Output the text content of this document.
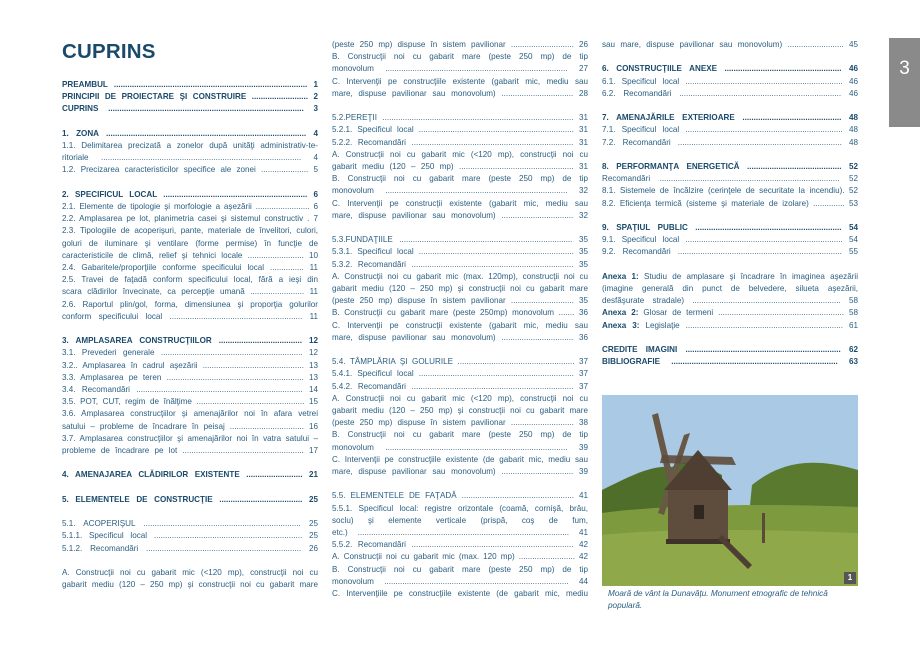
CUPRINS
PREAMBUL ...................................................................................... 1
PRINCIPII DE PROIECTARE ŞI CONSTRUIRE ......................... 2
CUPRINS ....................................................................................... 3
1. ZONA ......................................................................................... 4
1.1. Delimitarea precizată a zonelor după unităţi administrativ-te-
ritoriale ......................................................................................... 4
1.2. Precizarea caracteristicilor specifice ale zonei ..................... 5
2. SPECIFICUL LOCAL ................................................................ 6
2.1. Elemente de tipologie şi morfologie a aşezării ........................ 6
2.2. Amplasarea pe lot, planimetria casei şi sistemul constructiv . 7
2.3. Tipologiile de acoperişuri, pante, materiale de învelitori, culori,
goluri de iluminare şi ventilare (forme permise) în funcţie de
caracteristicile de climă, relief şi tehnici locale ......................... 10
2.4. Gabaritele/proporţiile conforme specificului local ............... 11
2.5. Travei de faţadă conform specificului local, fără a ieşi din
scara clădirilor învecinate, ca percepţie umană ........................ 11
2.6. Raportul plin/gol, forma, dimensiunea şi proporţia golurilor
conform specificului local ........................................................... 11
3. AMPLASAREA CONSTRUCŢIILOR ..................................... 12
3.1. Prevederi generale ............................................................... 12
3.2.. Amplasarea în cadrul aşezării ............................................. 13
3.3. Amplasarea pe teren ............................................................. 13
3.4. Recomandări .......................................................................... 14
3.5. POT, CUT, regim de înălţime ................................................ 15
3.6. Amplasarea construcţiilor şi amenajărilor noi în afara vetrei
satului – probleme de încadrare în peisaj ................................. 16
3.7. Amplasarea construcţiilor şi amenajărilor noi în vatra satului –
probleme de încadrare pe lot ...................................................... 17
4. AMENAJAREA CLĂDIRILOR EXISTENTE ......................... 21
5. ELEMENTELE DE CONSTRUCŢIE ..................................... 25
5.1. ACOPERIŞUL ...................................................................... 25
5.1.1. Specificul local .................................................................. 25
5.1.2. Recomandări ..................................................................... 26
A. Construcţii noi cu gabarit mic (<120 mp), construcţii noi cu
gabarit mediu (120 – 250 mp) şi construcţii noi cu gabarit mare
(peste 250 mp) dispuse în sistem pavilionar ............................ 26
B. Construcţii noi cu gabarit mare (peste 250 mp) de tip
monovolum ................................................................................. 27
C. Intervenţii pe construcţiile existente (gabarit mic, mediu sau
mare, dispuse pavilionar sau monovolum) ................................ 28
5.2.PEREŢII ..................................................................................... 31
5.2.1. Specificul local ..................................................................... 31
5.2.2. Recomandări ........................................................................ 31
A. Construcţii noi cu gabarit mic (<120 mp), construcţii noi cu
gabarit mediu (120 – 250 mp) ................................................... 31
B. Construcţii noi cu gabarit mare (peste 250 mp) de tip
monovolum ................................................................................. 32
C. Intervenţii pe construcţii existente (gabarit mic, mediu sau
mare, dispuse pavilionar sau monovolum) ................................ 32
5.3.FUNDAŢIILE ............................................................................. 35
5.3.1. Specificul local ..................................................................... 35
5.3.2. Recomandări ........................................................................ 35
A. Construcţii noi cu gabarit mic (max. 120mp), construcţii noi cu
gabarit mediu (120 – 250 mp) şi construcţii noi cu gabarit mare
(peste 250 mp) dispuse în sistem pavilionar ............................ 35
B. Construcţii cu gabarit mare (peste 250mp) monovolum ....... 36
C. Intervenţii pe construcţii existente (gabarit mic, mediu sau
mare, dispuse pavilionar sau monovolum) ................................ 36
5.4. TÂMPLĂRIA ŞI GOLURILE .................................................... 37
5.4.1. Specificul local ..................................................................... 37
5.4.2. Recomandări ........................................................................ 37
A. Construcţii noi cu gabarit mic (<120 mp), construcţii noi cu
gabarit mediu (120 – 250 mp) şi construcţii noi cu gabarit mare
(peste 250 mp) dispuse în sistem pavilionar ............................ 38
B. Construcţii noi cu gabarit mare (peste 250 mp) de tip
monovolum ................................................................................. 39
C. Intervenţii pe construcţiile existente (de gabarit mic, mediu sau
mare, dispuse pavilionar sau monovolum) ................................ 39
5.5. ELEMENTELE DE FAŢADĂ .................................................. 41
5.5.1. Specificul local: registre orizontale (coamă, cornişă, brâu,
soclu) şi elemente verticale (prispă, coş de fum,
etc.) .............................................................................................. 41
5.5.2. Recomandări ........................................................................ 42
A. Construcţii noi cu gabarit mic (max. 120 mp) ......................... 42
B. Construcţii noi cu gabarit mare (peste 250 mp) de tip
monovolum .................................................................................. 44
C. Intervenţiile pe construcţiile existente (de gabarit mic, mediu
sau mare, dispuse pavilionar sau monovolum) ......................... 45
6. CONSTRUCŢIILE ANEXE .................................................... 46
6.1. Specificul local ...................................................................... 46
6.2. Recomandări ........................................................................ 46
7. AMENAJĂRILE EXTERIOARE ............................................ 48
7.1. Specificul local ...................................................................... 48
7.2. Recomandări ......................................................................... 48
8. PERFORMANŢA ENERGETICĂ .......................................... 52
Recomandări ................................................................................ 52
8.1. Sistemele de încălzire (cerinţele de securitate la incendiu). 52
8.2. Eficienţa termică (sisteme şi materiale de izolare) .............. 53
9. SPAŢIUL PUBLIC ................................................................. 54
9.1. Specificul local ...................................................................... 54
9.2. Recomandări ......................................................................... 55
Anexa 1: Studiu de amplasare şi încadrare în imaginea aşezării
(imagine generală din punct de belvedere, silueta aşezării,
desfăşurate stradale) .................................................................. 58
Anexa 2: Glosar de termeni ........................................................ 58
Anexa 3: Legislaţie ...................................................................... 61
CREDITE IMAGINI ..................................................................... 62
BIBLIOGRAFIE .......................................................................... 63
3
1
Moară de vânt la Dunavăţu. Monument etnografic de tehnică populară.
